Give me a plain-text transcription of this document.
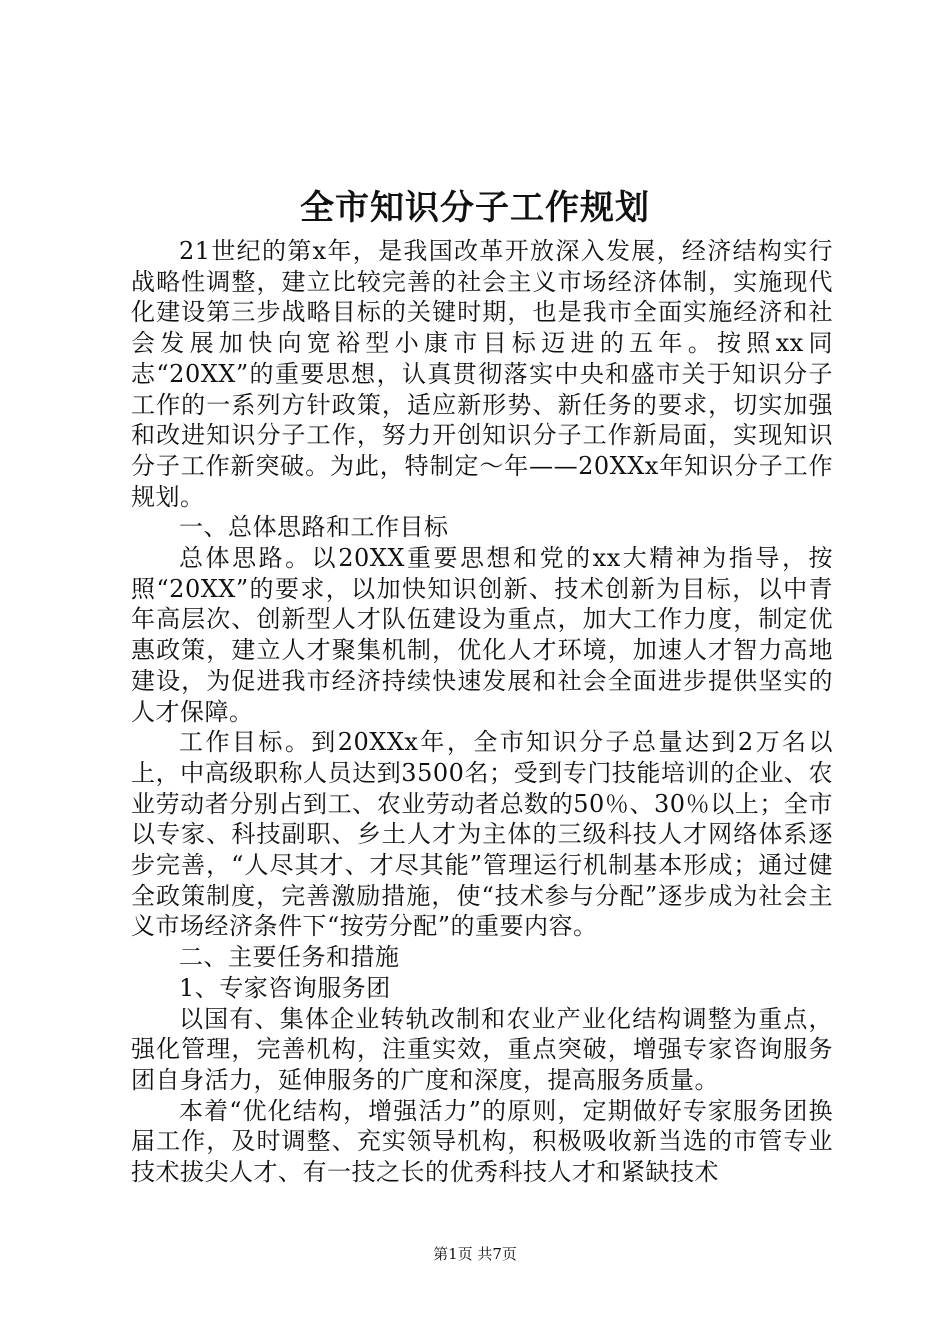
全市知识分子工作规划

21世纪的第x年，是我国改革开放深入发展，经济结构实行战略性调整，建立比较完善的社会主义市场经济体制，实施现代化建设第三步战略目标的关键时期，也是我市全面实施经济和社会发展加快向宽裕型小康市目标迈进的五年。按照xx同志“20XX”的重要思想，认真贯彻落实中央和盛市关于知识分子工作的一系列方针政策，适应新形势、新任务的要求，切实加强和改进知识分子工作，努力开创知识分子工作新局面，实现知识分子工作新突破。为此，特制定～年——20XXx年知识分子工作规划。

一、总体思路和工作目标

总体思路。以20XX重要思想和党的xx大精神为指导，按照“20XX”的要求，以加快知识创新、技术创新为目标，以中青年高层次、创新型人才队伍建设为重点，加大工作力度，制定优惠政策，建立人才聚集机制，优化人才环境，加速人才智力高地建设，为促进我市经济持续快速发展和社会全面进步提供坚实的人才保障。

工作目标。到20XXx年，全市知识分子总量达到2万名以上，中高级职称人员达到3500名；受到专门技能培训的企业、农业劳动者分别占到工、农业劳动者总数的50％、30％以上；全市以专家、科技副职、乡土人才为主体的三级科技人才网络体系逐步完善，“人尽其才、才尽其能”管理运行机制基本形成；通过健全政策制度，完善激励措施，使“技术参与分配”逐步成为社会主义市场经济条件下“按劳分配”的重要内容。

二、主要任务和措施

1、专家咨询服务团

以国有、集体企业转轨改制和农业产业化结构调整为重点，强化管理，完善机构，注重实效，重点突破，增强专家咨询服务团自身活力，延伸服务的广度和深度，提高服务质量。

本着“优化结构，增强活力”的原则，定期做好专家服务团换届工作，及时调整、充实领导机构，积极吸收新当选的市管专业技术拔尖人才、有一技之长的优秀科技人才和紧缺技术

第1页 共7页
